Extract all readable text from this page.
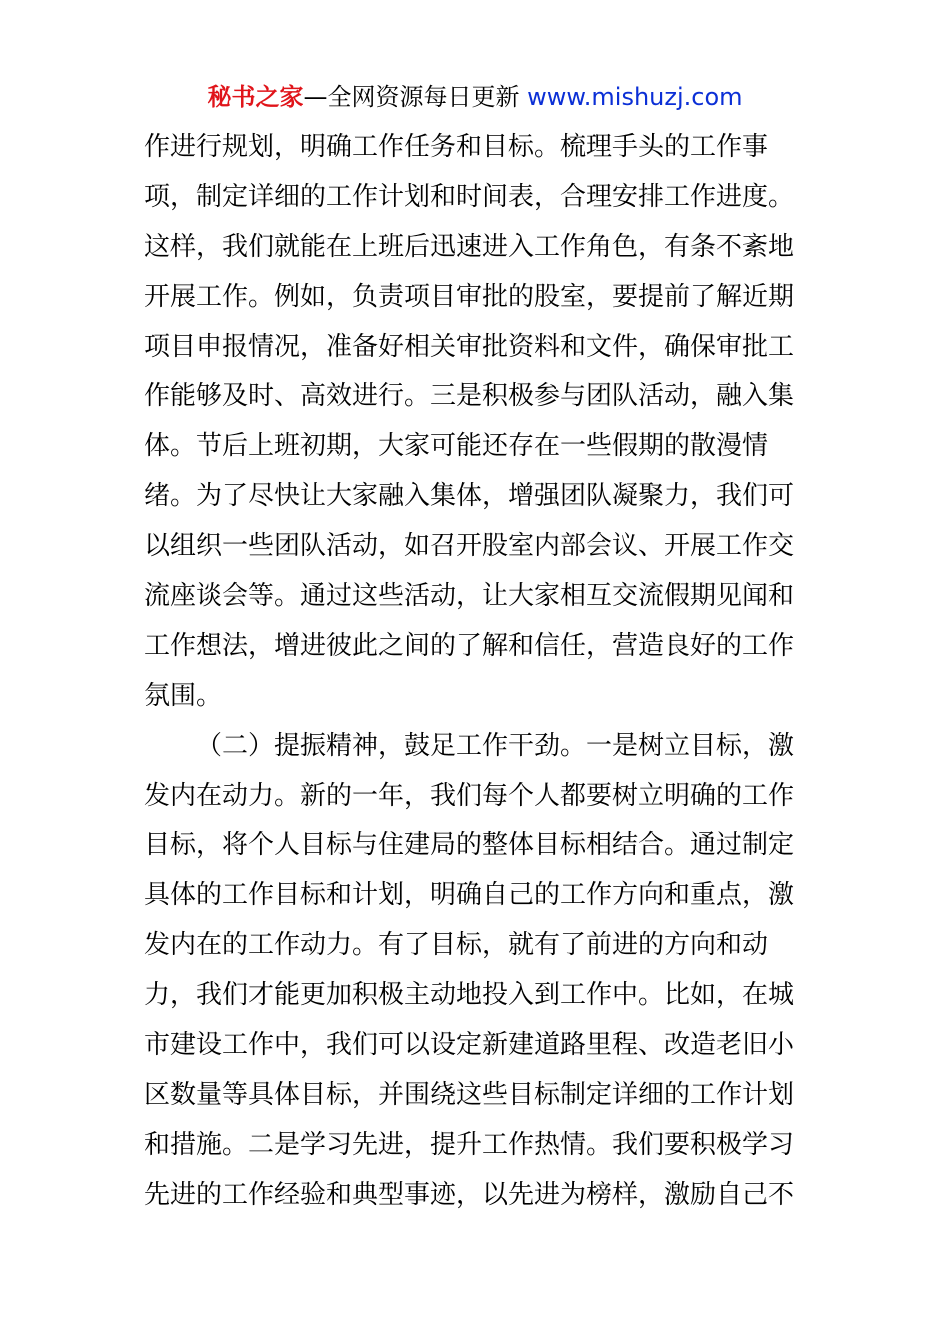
秘书之家—全网资源每日更新 www.mishuzj.com
作进行规划，明确工作任务和目标。梳理手头的工作事
项，制定详细的工作计划和时间表，合理安排工作进度。
这样，我们就能在上班后迅速进入工作角色，有条不紊地
开展工作。例如，负责项目审批的股室，要提前了解近期
项目申报情况，准备好相关审批资料和文件，确保审批工
作能够及时、高效进行。三是积极参与团队活动，融入集
体。节后上班初期，大家可能还存在一些假期的散漫情
绪。为了尽快让大家融入集体，增强团队凝聚力，我们可
以组织一些团队活动，如召开股室内部会议、开展工作交
流座谈会等。通过这些活动，让大家相互交流假期见闻和
工作想法，增进彼此之间的了解和信任，营造良好的工作
氛围。
（二）提振精神，鼓足工作干劲。一是树立目标，激
发内在动力。新的一年，我们每个人都要树立明确的工作
目标，将个人目标与住建局的整体目标相结合。通过制定
具体的工作目标和计划，明确自己的工作方向和重点，激
发内在的工作动力。有了目标，就有了前进的方向和动
力，我们才能更加积极主动地投入到工作中。比如，在城
市建设工作中，我们可以设定新建道路里程、改造老旧小
区数量等具体目标，并围绕这些目标制定详细的工作计划
和措施。二是学习先进，提升工作热情。我们要积极学习
先进的工作经验和典型事迹，以先进为榜样，激励自己不
